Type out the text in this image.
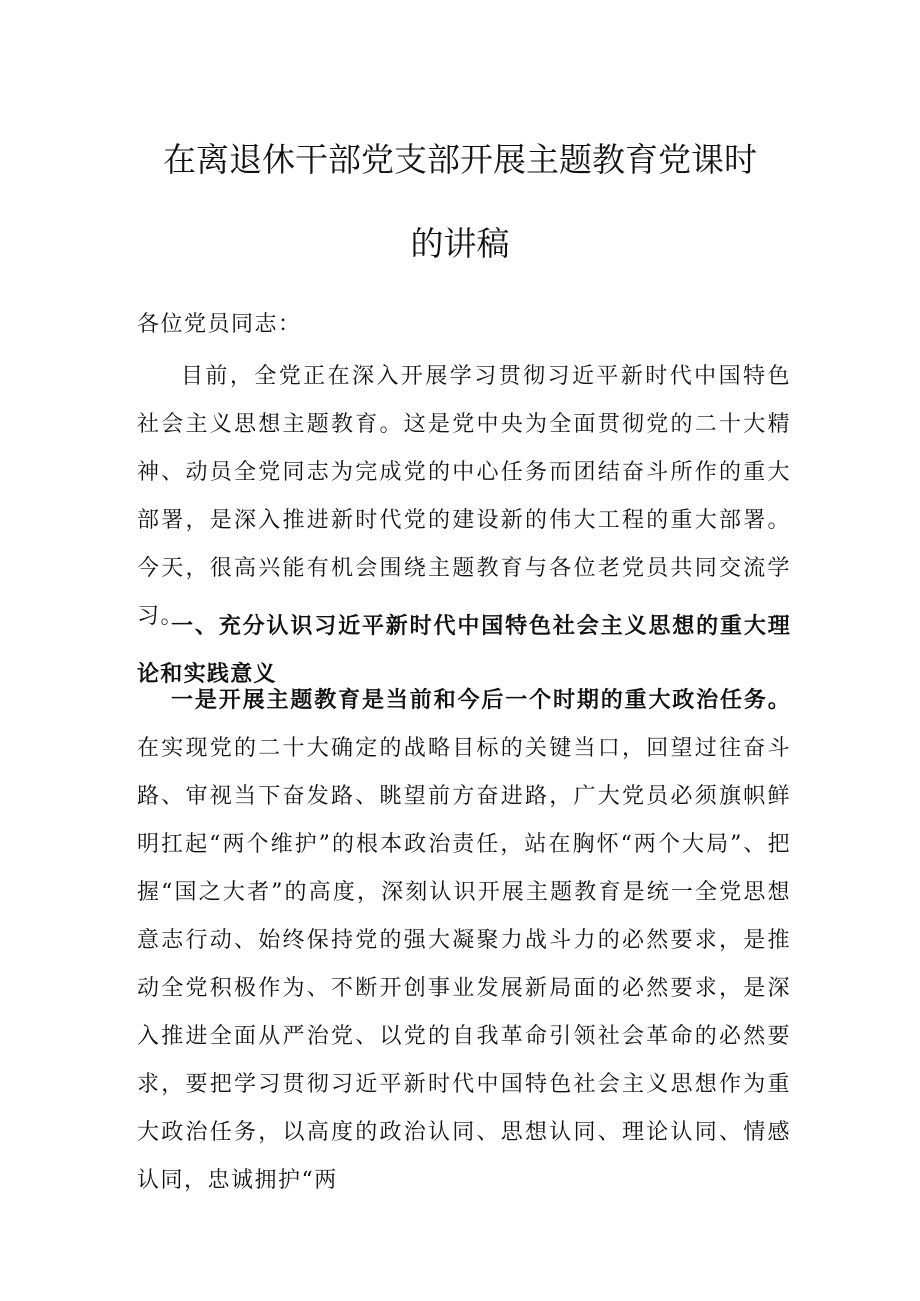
在离退休干部党支部开展主题教育党课时
的讲稿

各位党员同志：

目前，全党正在深入开展学习贯彻习近平新时代中国特色社会主义思想主题教育。这是党中央为全面贯彻党的二十大精神、动员全党同志为完成党的中心任务而团结奋斗所作的重大部署，是深入推进新时代党的建设新的伟大工程的重大部署。今天，很高兴能有机会围绕主题教育与各位老党员共同交流学习。

一、充分认识习近平新时代中国特色社会主义思想的重大理论和实践意义

一是开展主题教育是当前和今后一个时期的重大政治任务。在实现党的二十大确定的战略目标的关键当口，回望过往奋斗路、审视当下奋发路、眺望前方奋进路，广大党员必须旗帜鲜明扛起“两个维护”的根本政治责任，站在胸怀“两个大局”、把握“国之大者”的高度，深刻认识开展主题教育是统一全党思想意志行动、始终保持党的强大凝聚力战斗力的必然要求，是推动全党积极作为、不断开创事业发展新局面的必然要求，是深入推进全面从严治党、以党的自我革命引领社会革命的必然要求，要把学习贯彻习近平新时代中国特色社会主义思想作为重大政治任务，以高度的政治认同、思想认同、理论认同、情感认同，忠诚拥护“两
